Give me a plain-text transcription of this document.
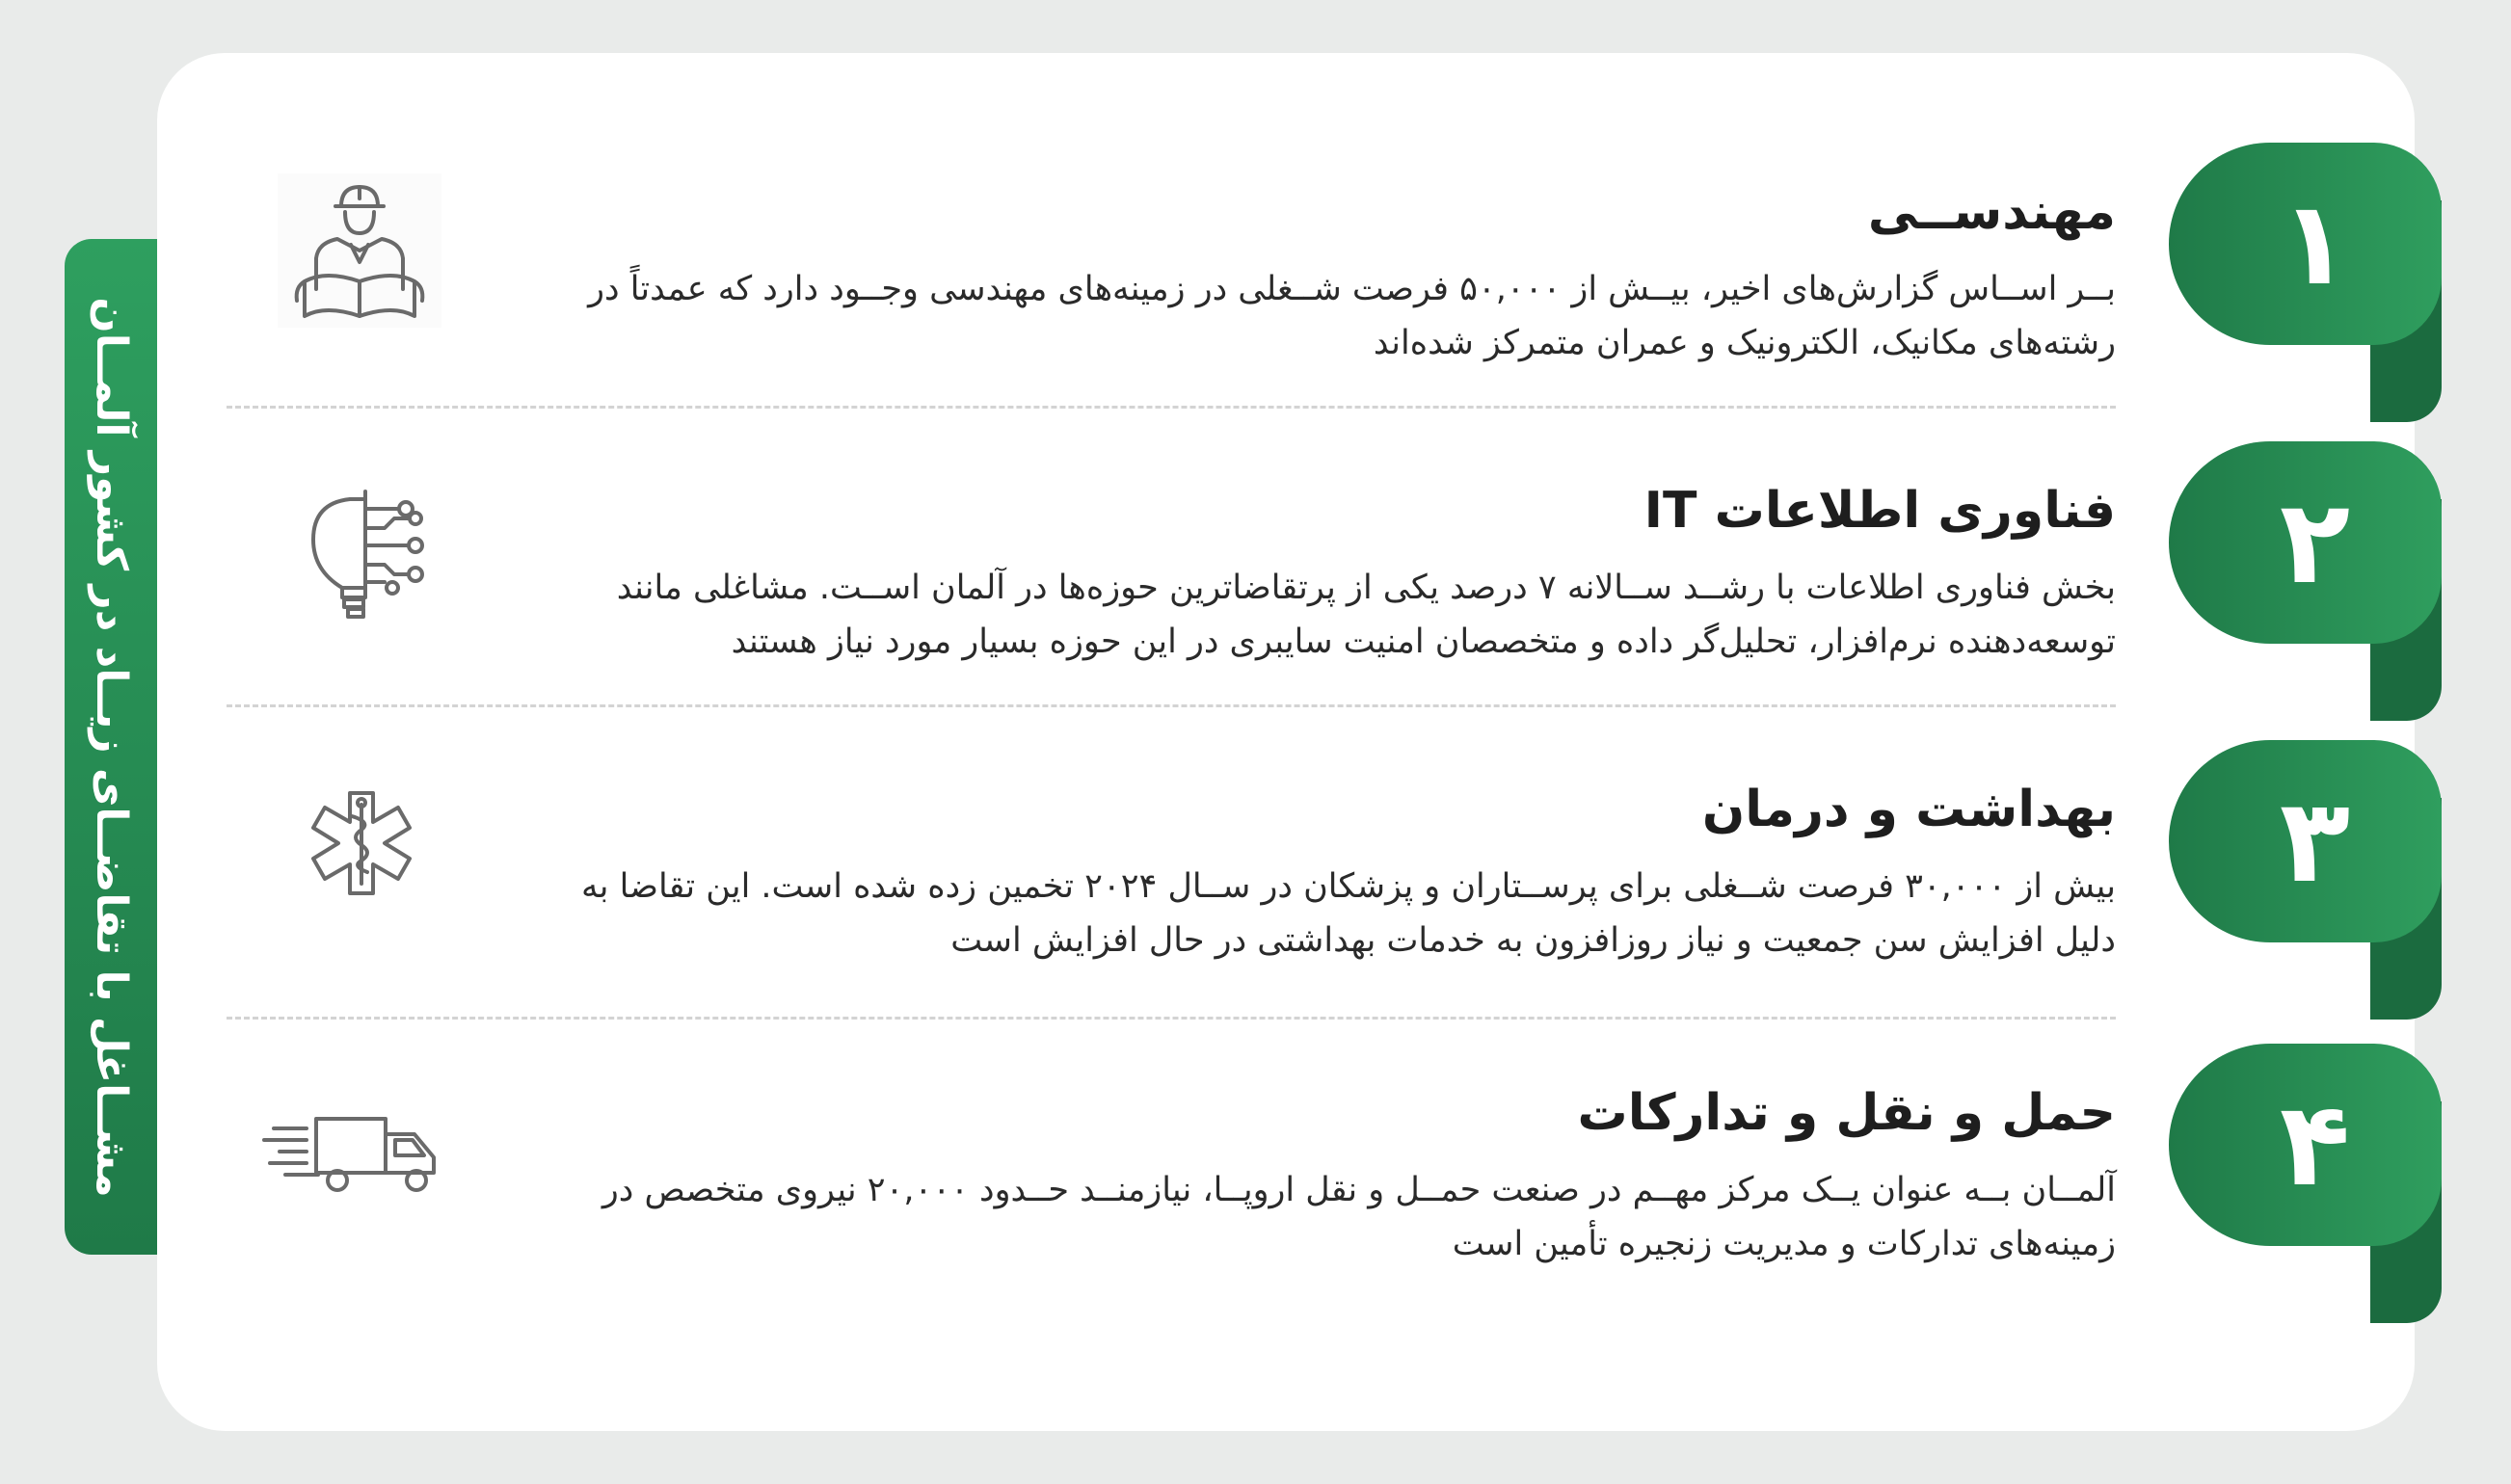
مشــاغل با تقاضــای زیــاد در کشور آلمــان
۱
مهندســی
بــر اســاس گزارش‌های اخیر، بیــش از ۵۰,۰۰۰ فرصت شــغلی در زمینه‌های مهندسی وجــود دارد که عمدتاً در رشته‌های مکانیک، الکترونیک و عمران متمرکز شده‌اند
۲
فناوری اطلاعات IT
بخش فناوری اطلاعات با رشــد ســالانه ۷ درصد یکی از پرتقاضاترین حوزه‌ها در آلمان اســت. مشاغلی مانند توسعه‌دهنده نرم‌افزار، تحلیل‌گر داده و متخصصان امنیت سایبری در این حوزه بسیار مورد نیاز هستند
۳
بهداشت و درمان
بیش از ۳۰,۰۰۰ فرصت شــغلی برای پرســتاران و پزشکان در ســال ۲۰۲۴ تخمین زده شده است. این تقاضا به دلیل افزایش سن جمعیت و نیاز روزافزون به خدمات بهداشتی در حال افزایش است
۴
حمل و نقل و تدارکات
آلمــان بــه عنوان یــک مرکز مهــم در صنعت حمــل و نقل اروپــا، نیازمنــد حــدود ۲۰,۰۰۰ نیروی متخصص در زمینه‌های تدارکات و مدیریت زنجیره تأمین است
